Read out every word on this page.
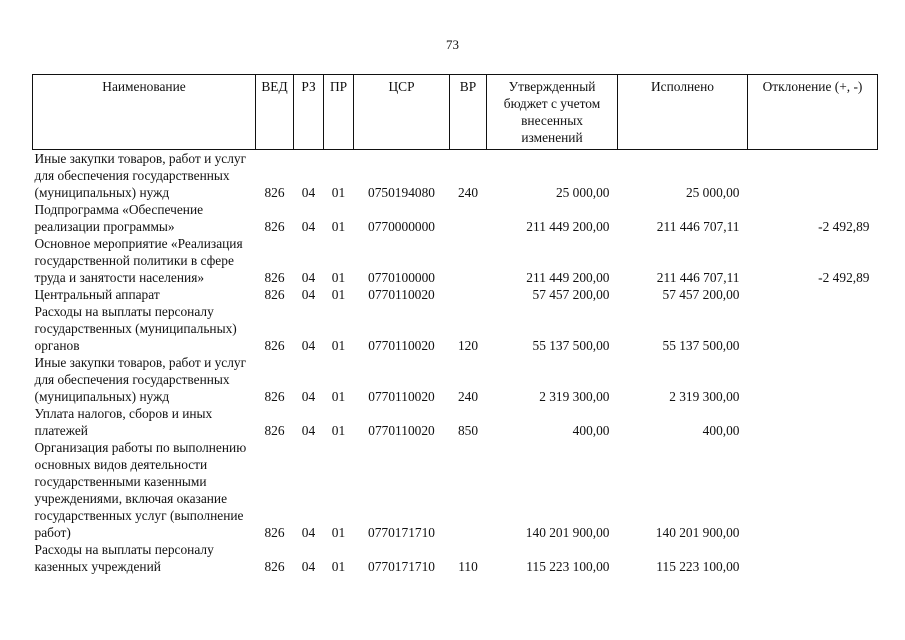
73
Наименование	ВЕД	РЗ	ПР	ЦСР	ВР	Утвержденный бюджет с учетом внесенных изменений	Исполнено	Отклонение (+, -)
Иные закупки товаров, работ и услуг для обеспечения государственных (муниципальных) нужд	826	04	01	0750194080	240	25 000,00	25 000,00	
Подпрограмма «Обеспечение реализации программы»	826	04	01	0770000000		211 449 200,00	211 446 707,11	-2 492,89
Основное мероприятие «Реализация государственной политики в сфере труда и занятости населения»	826	04	01	0770100000		211 449 200,00	211 446 707,11	-2 492,89
Центральный аппарат	826	04	01	0770110020		57 457 200,00	57 457 200,00	
Расходы на выплаты персоналу государственных (муниципальных) органов	826	04	01	0770110020	120	55 137 500,00	55 137 500,00	
Иные закупки товаров, работ и услуг для обеспечения государственных (муниципальных) нужд	826	04	01	0770110020	240	2 319 300,00	2 319 300,00	
Уплата налогов, сборов и иных платежей	826	04	01	0770110020	850	400,00	400,00	
Организация работы по выполнению основных видов деятельности государственными казенными учреждениями, включая оказание государственных услуг (выполнение работ)	826	04	01	0770171710		140 201 900,00	140 201 900,00	
Расходы на выплаты персоналу казенных учреждений	826	04	01	0770171710	110	115 223 100,00	115 223 100,00	
